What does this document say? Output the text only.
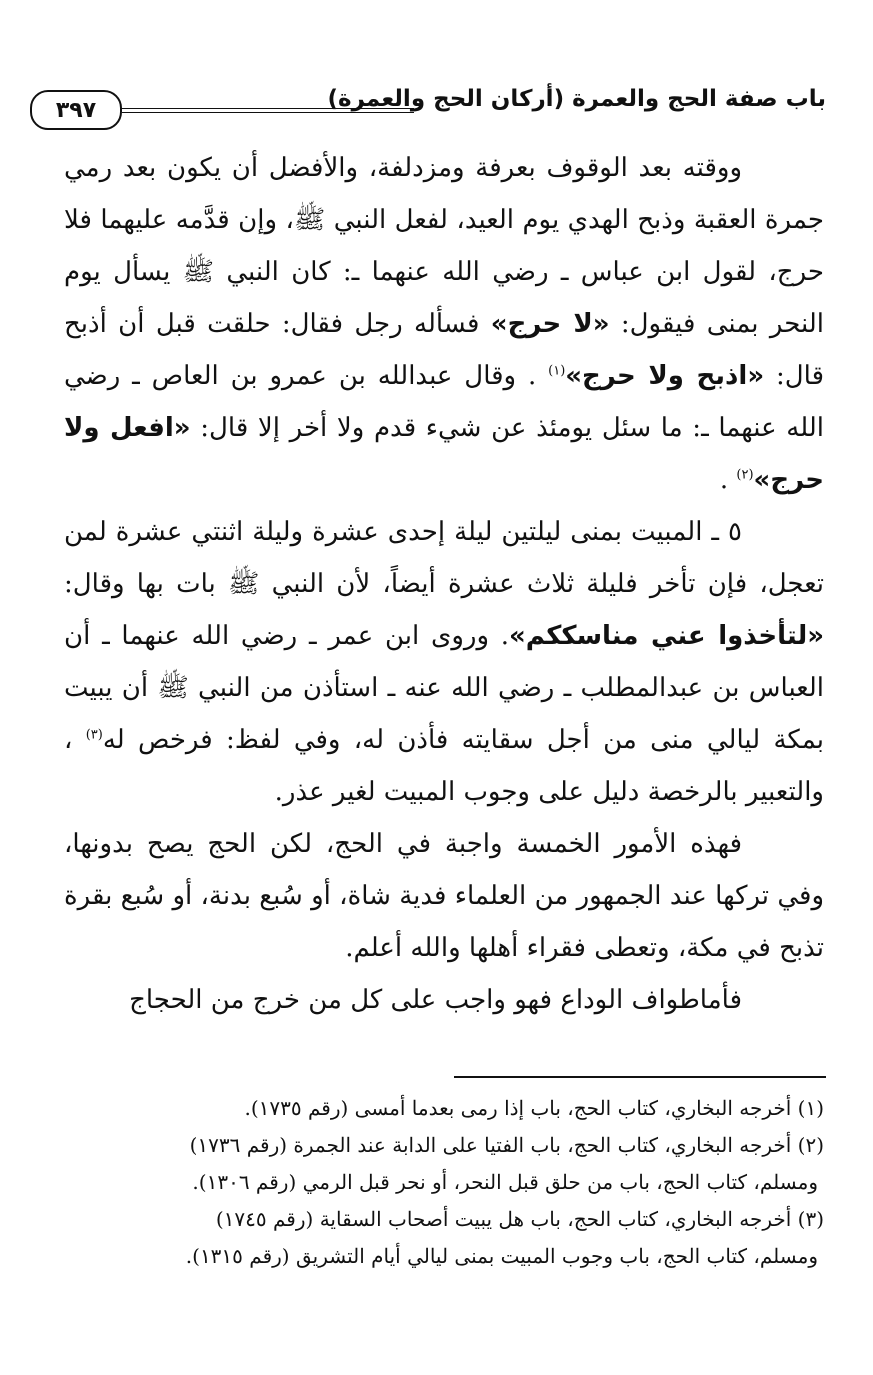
باب صفة الحج والعمرة (أركان الحج والعمرة)
٣٩٧

ووقته بعد الوقوف بعرفة ومزدلفة، والأفضل أن يكون بعد رمي جمرة العقبة وذبح الهدي يوم العيد، لفعل النبي ﷺ، وإن قدَّمه عليهما فلا حرج، لقول ابن عباس ـ رضي الله عنهما ـ: كان النبي ﷺ يسأل يوم النحر بمنى فيقول: «لا حرج» فسأله رجل فقال: حلقت قبل أن أذبح قال: «اذبح ولا حرج»$^{(١)}$ . وقال عبدالله بن عمرو بن العاص ـ رضي الله عنهما ـ: ما سئل يومئذ عن شيء قدم ولا أخر إلا قال: «افعل ولا حرج»$^{(٢)}$ .

٥ ـ المبيت بمنى ليلتين ليلة إحدى عشرة وليلة اثنتي عشرة لمن تعجل، فإن تأخر فليلة ثلاث عشرة أيضاً، لأن النبي ﷺ بات بها وقال: «لتأخذوا عني مناسككم». وروى ابن عمر ـ رضي الله عنهما ـ أن العباس بن عبدالمطلب ـ رضي الله عنه ـ استأذن من النبي ﷺ أن يبيت بمكة ليالي منى من أجل سقايته فأذن له، وفي لفظ: فرخص له$^{(٣)}$ ، والتعبير بالرخصة دليل على وجوب المبيت لغير عذر.

فهذه الأمور الخمسة واجبة في الحج، لكن الحج يصح بدونها، وفي تركها عند الجمهور من العلماء فدية شاة، أو سُبع بدنة، أو سُبع بقرة تذبح في مكة، وتعطى فقراء أهلها والله أعلم.

فأماطواف الوداع فهو واجب على كل من خرج من الحجاج

(١) أخرجه البخاري، كتاب الحج، باب إذا رمى بعدما أمسى (رقم ١٧٣٥).

(٢) أخرجه البخاري، كتاب الحج، باب الفتيا على الدابة عند الجمرة (رقم ١٧٣٦)

ومسلم، كتاب الحج، باب من حلق قبل النحر، أو نحر قبل الرمي (رقم ١٣٠٦).

(٣) أخرجه البخاري، كتاب الحج، باب هل يبيت أصحاب السقاية (رقم ١٧٤٥)

ومسلم، كتاب الحج، باب وجوب المبيت بمنى ليالي أيام التشريق (رقم ١٣١٥).
